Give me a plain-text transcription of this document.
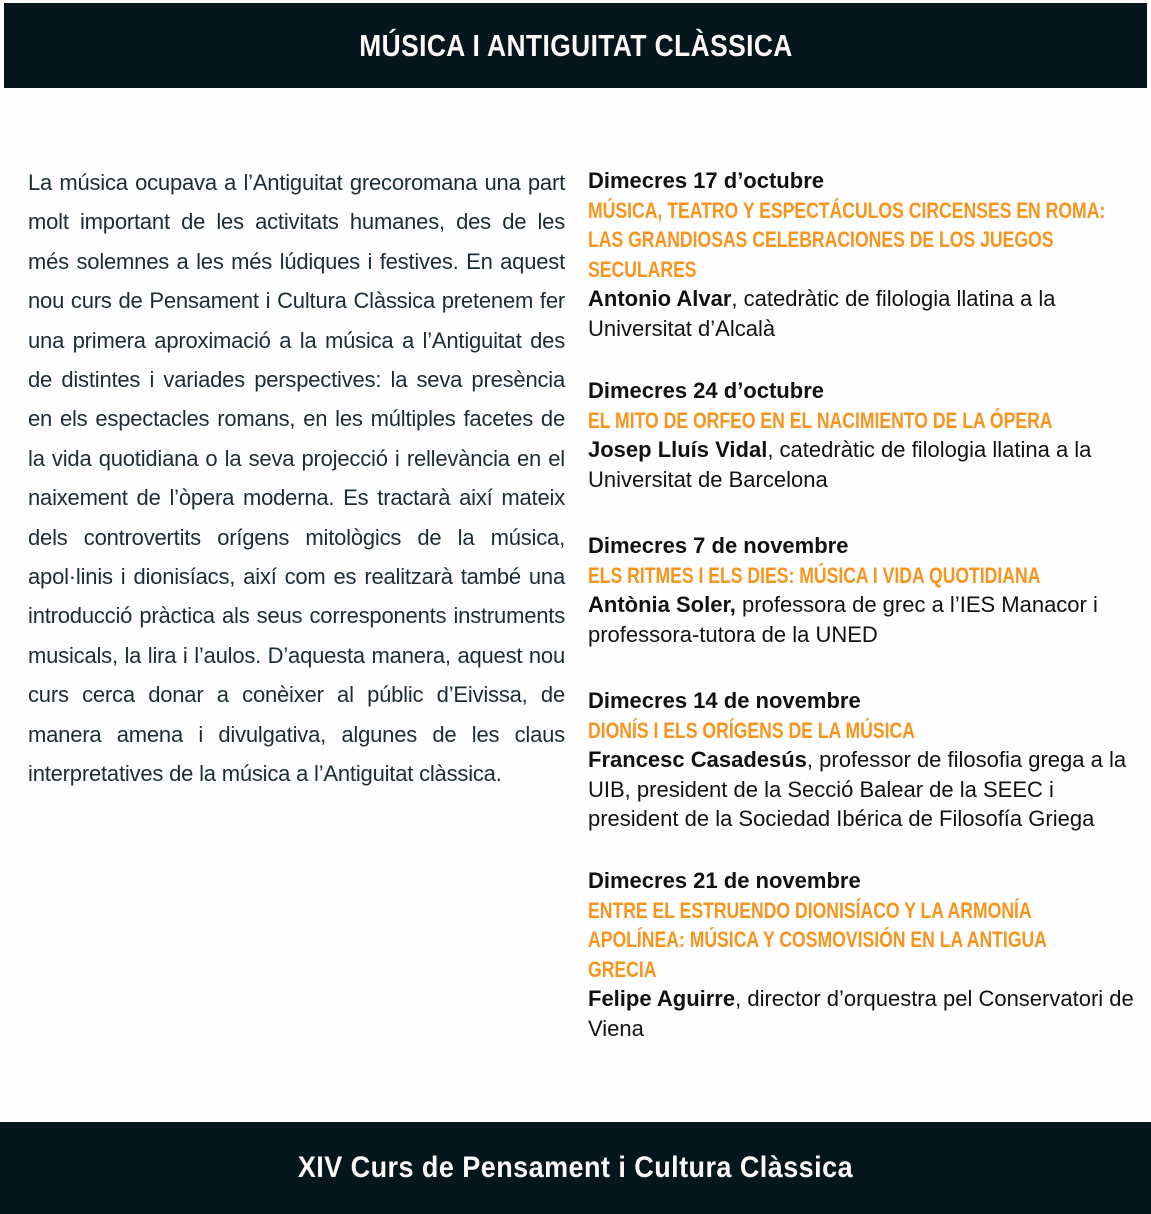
MÚSICA I ANTIGUITAT CLÀSSICA

La música ocupava a l’Antiguitat grecoromana una part molt important de les activitats humanes, des de les més solemnes a les més lúdiques i festives. En aquest nou curs de Pensament i Cultura Clàssica pretenem fer una primera aproximació a la música a l’Antiguitat des de distintes i variades perspectives: la seva presència en els espectacles romans, en les múltiples facetes de la vida quotidiana o la seva projecció i rellevància en el naixement de l’òpera moderna. Es tractarà així mateix dels controvertits orígens mitològics de la música, apol·linis i dionisíacs, així com es realitzarà també una introducció pràctica als seus corresponents instruments musicals, la lira i l’aulos. D’aquesta manera, aquest nou curs cerca donar a conèixer al públic d’Eivissa, de manera amena i divulgativa, algunes de les claus interpretatives de la música a l’Antiguitat clàssica.

Dimecres 17 d’octubre
MÚSICA, TEATRO Y ESPECTÁCULOS CIRCENSES EN ROMA:
LAS GRANDIOSAS CELEBRACIONES DE LOS JUEGOS
SECULARES

Antonio Alvar, catedràtic de filologia llatina a la Universitat d’Alcalà

Dimecres 24 d’octubre
EL MITO DE ORFEO EN EL NACIMIENTO DE LA ÓPERA

Josep Lluís Vidal, catedràtic de filologia llatina a la Universitat de Barcelona

Dimecres 7 de novembre
ELS RITMES I ELS DIES: MÚSICA I VIDA QUOTIDIANA

Antònia Soler, professora de grec a l’IES Manacor i professora-tutora de la UNED

Dimecres 14 de novembre
DIONÍS I ELS ORÍGENS DE LA MÚSICA

Francesc Casadesús, professor de filosofia grega a la UIB, president de la Secció Balear de la SEEC i president de la Sociedad Ibérica de Filosofía Griega

Dimecres 21 de novembre
ENTRE EL ESTRUENDO DIONISÍACO Y LA ARMONÍA
APOLÍNEA: MÚSICA Y COSMOVISIÓN EN LA ANTIGUA
GRECIA

Felipe Aguirre, director d’orquestra pel Conservatori de Viena

XIV Curs de Pensament i Cultura Clàssica
